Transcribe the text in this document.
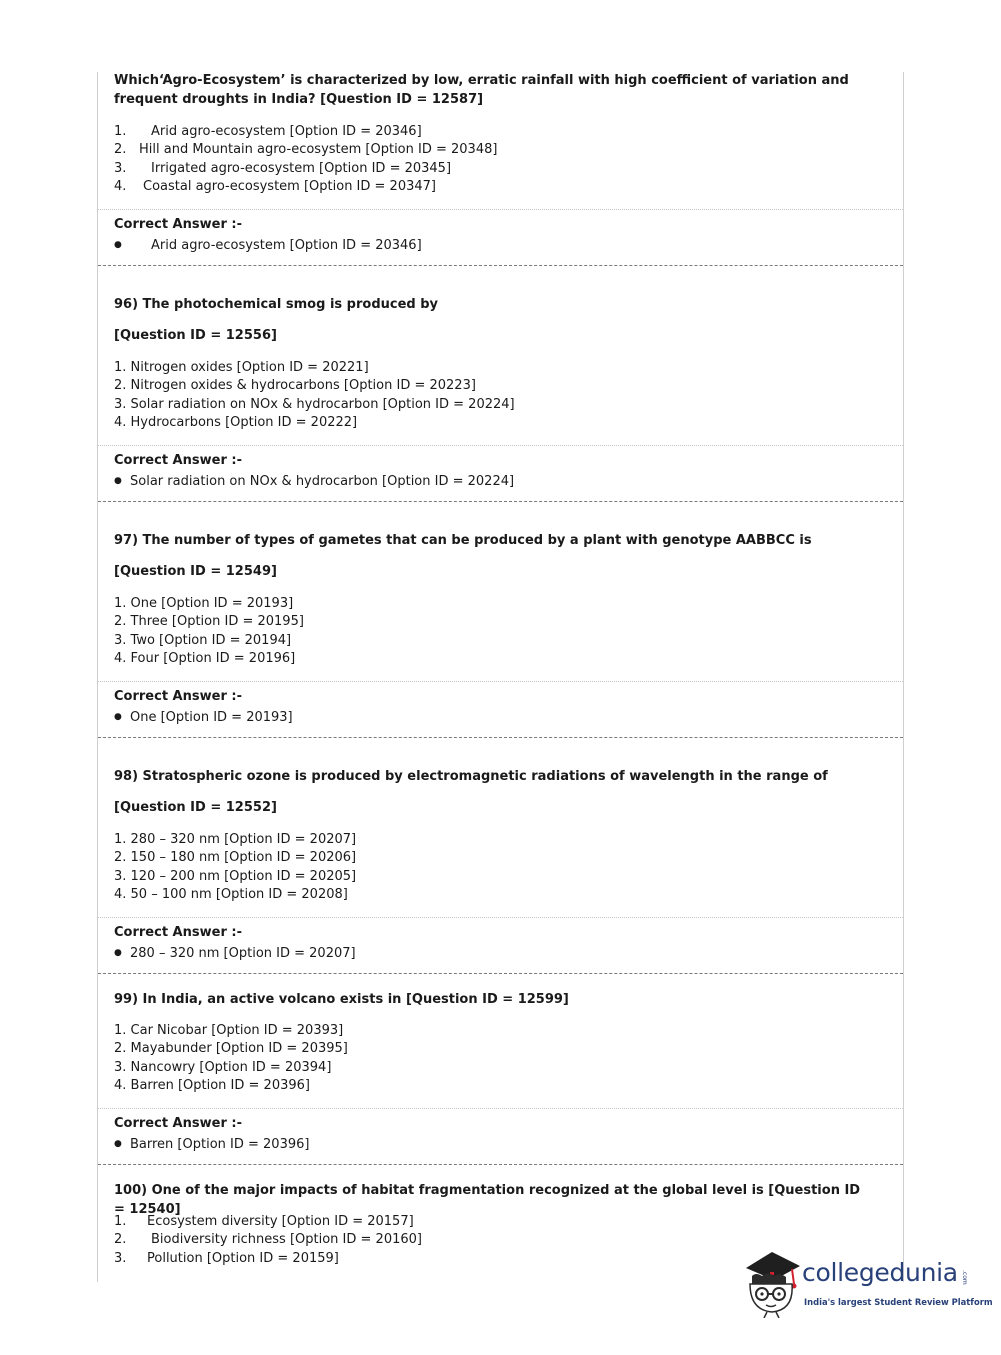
Which‘Agro-Ecosystem’ is characterized by low, erratic rainfall with high coefficient of variation and frequent droughts in India? [Question ID = 12587]

1. Arid agro-ecosystem [Option ID = 20346]

2. Hill and Mountain agro-ecosystem [Option ID = 20348]

3. Irrigated agro-ecosystem [Option ID = 20345]

4. Coastal agro-ecosystem [Option ID = 20347]

Correct Answer :-

● Arid agro-ecosystem [Option ID = 20346]

96) The photochemical smog is produced by

[Question ID = 12556]

1. Nitrogen oxides [Option ID = 20221]

2. Nitrogen oxides & hydrocarbons [Option ID = 20223]

3. Solar radiation on NOx & hydrocarbon [Option ID = 20224]

4. Hydrocarbons [Option ID = 20222]

Correct Answer :-

● Solar radiation on NOx & hydrocarbon [Option ID = 20224]

97) The number of types of gametes that can be produced by a plant with genotype AABBCC is

[Question ID = 12549]

1. One [Option ID = 20193]

2. Three [Option ID = 20195]

3. Two [Option ID = 20194]

4. Four [Option ID = 20196]

Correct Answer :-

● One [Option ID = 20193]

98) Stratospheric ozone is produced by electromagnetic radiations of wavelength in the range of

[Question ID = 12552]

1. 280 – 320 nm [Option ID = 20207]

2. 150 – 180 nm [Option ID = 20206]

3. 120 – 200 nm [Option ID = 20205]

4. 50 – 100 nm [Option ID = 20208]

Correct Answer :-

● 280 – 320 nm [Option ID = 20207]

99) In India, an active volcano exists in [Question ID = 12599]

1. Car Nicobar [Option ID = 20393]

2. Mayabunder [Option ID = 20395]

3. Nancowry [Option ID = 20394]

4. Barren [Option ID = 20396]

Correct Answer :-

● Barren [Option ID = 20396]

100) One of the major impacts of habitat fragmentation recognized at the global level is [Question ID = 12540]

1. Ecosystem diversity [Option ID = 20157]

2. Biodiversity richness [Option ID = 20160]

3. Pollution [Option ID = 20159]	collegedunia .com
India's largest Student Review Platform
